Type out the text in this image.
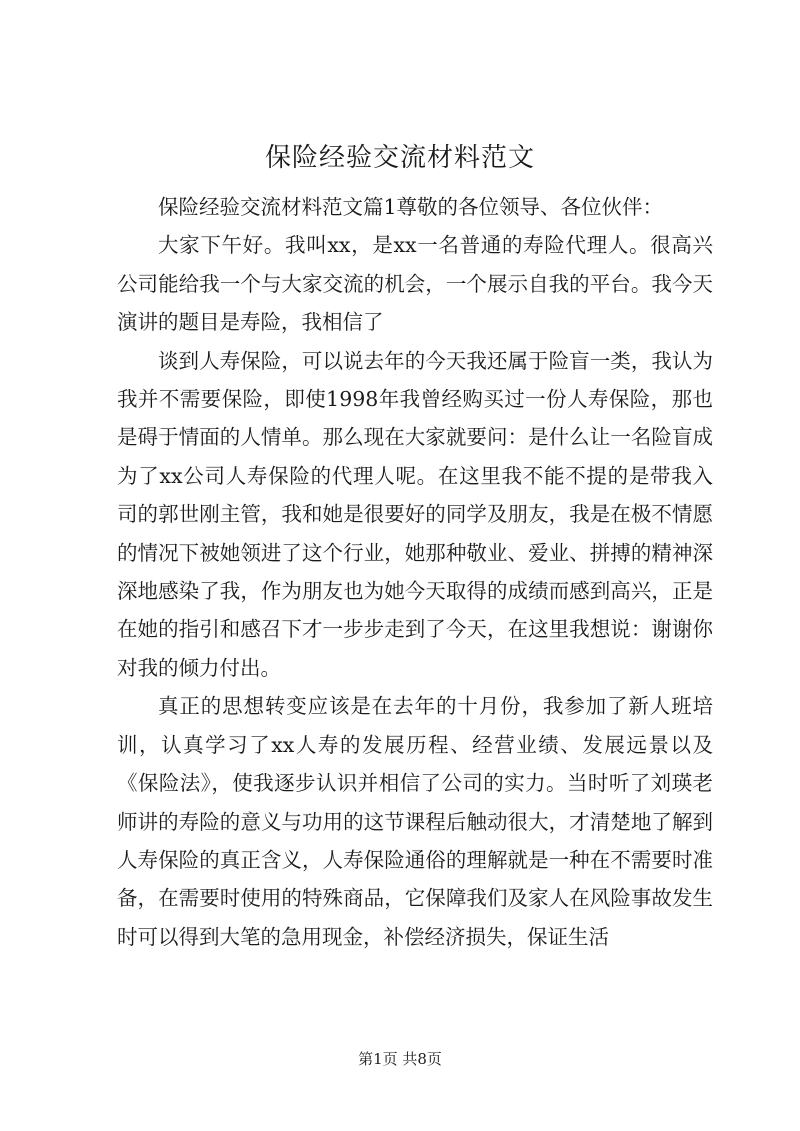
保险经验交流材料范文

保险经验交流材料范文篇1尊敬的各位领导、各位伙伴：

大家下午好。我叫xx，是xx一名普通的寿险代理人。很高兴公司能给我一个与大家交流的机会，一个展示自我的平台。我今天演讲的题目是寿险，我相信了

谈到人寿保险，可以说去年的今天我还属于险盲一类，我认为我并不需要保险，即使1998年我曾经购买过一份人寿保险，那也是碍于情面的人情单。那么现在大家就要问：是什么让一名险盲成为了xx公司人寿保险的代理人呢。在这里我不能不提的是带我入司的郭世刚主管，我和她是很要好的同学及朋友，我是在极不情愿的情况下被她领进了这个行业，她那种敬业、爱业、拼搏的精神深深地感染了我，作为朋友也为她今天取得的成绩而感到高兴，正是在她的指引和感召下才一步步走到了今天，在这里我想说：谢谢你对我的倾力付出。

真正的思想转变应该是在去年的十月份，我参加了新人班培训，认真学习了xx人寿的发展历程、经营业绩、发展远景以及《保险法》，使我逐步认识并相信了公司的实力。当时听了刘瑛老师讲的寿险的意义与功用的这节课程后触动很大，才清楚地了解到人寿保险的真正含义，人寿保险通俗的理解就是一种在不需要时准备，在需要时使用的特殊商品，它保障我们及家人在风险事故发生时可以得到大笔的急用现金，补偿经济损失，保证生活

第1页 共8页
